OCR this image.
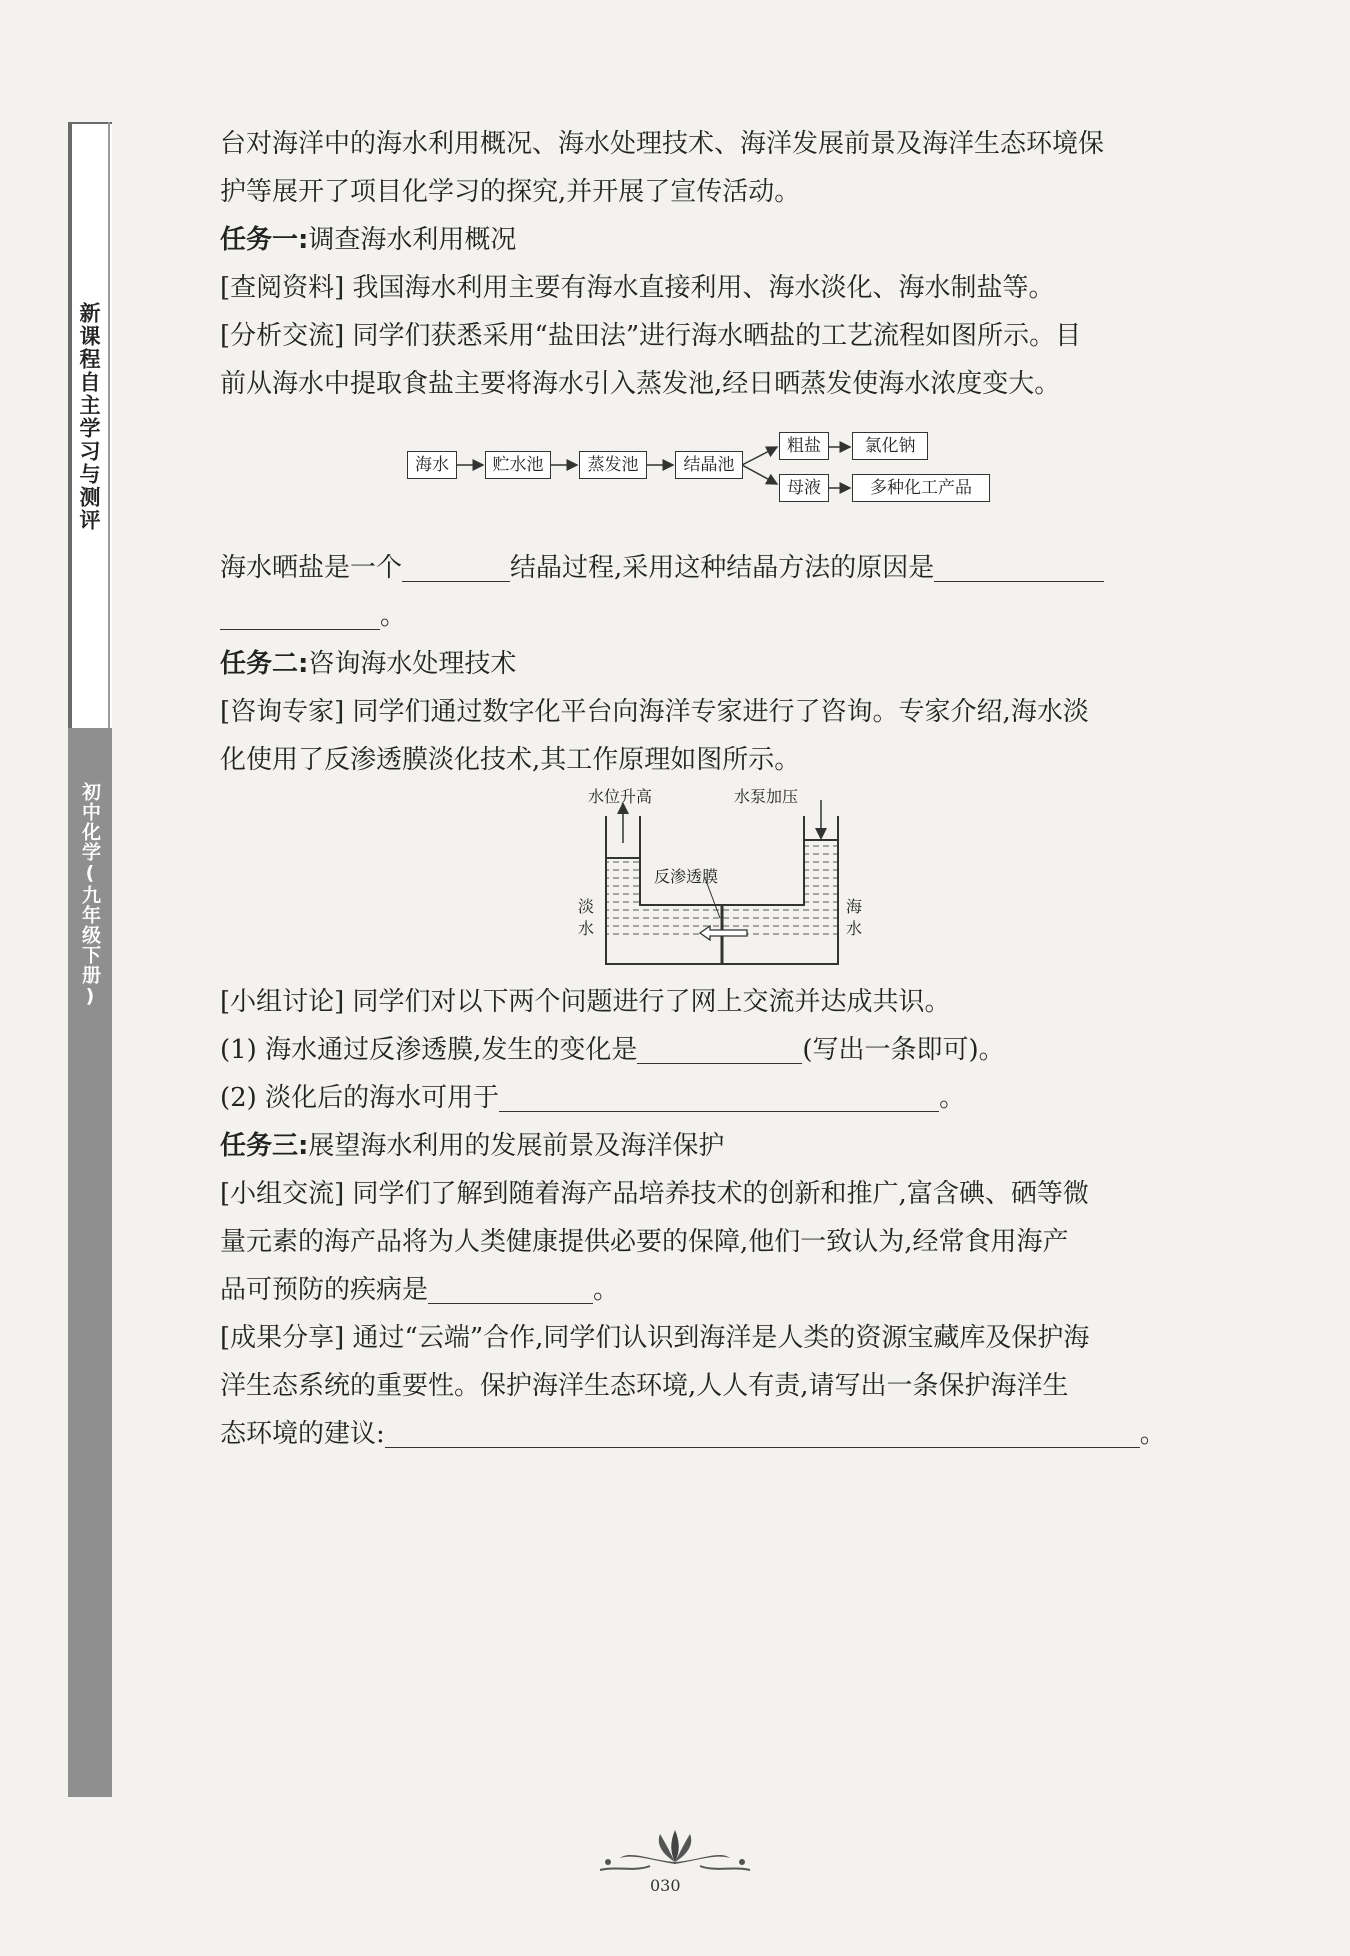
新课程自主学习与测评
初中化学(九年级下册)

台对海洋中的海水利用概况、海水处理技术、海洋发展前景及海洋生态环境保

护等展开了项目化学习的探究,并开展了宣传活动。

任务一:调查海水利用概况

[查阅资料] 我国海水利用主要有海水直接利用、海水淡化、海水制盐等。

[分析交流] 同学们获悉采用“盐田法”进行海水晒盐的工艺流程如图所示。目

前从海水中提取食盐主要将海水引入蒸发池,经日晒蒸发使海水浓度变大。

海水晒盐是一个	结晶过程,采用这种结晶方法的原因是

。

任务二:咨询海水处理技术

[咨询专家] 同学们通过数字化平台向海洋专家进行了咨询。专家介绍,海水淡

化使用了反渗透膜淡化技术,其工作原理如图所示。

[小组讨论] 同学们对以下两个问题进行了网上交流并达成共识。

(1) 海水通过反渗透膜,发生的变化是	(写出一条即可)。

(2) 淡化后的海水可用于	。

任务三:展望海水利用的发展前景及海洋保护

[小组交流] 同学们了解到随着海产品培养技术的创新和推广,富含碘、硒等微

量元素的海产品将为人类健康提供必要的保障,他们一致认为,经常食用海产

品可预防的疾病是	。

[成果分享] 通过“云端”合作,同学们认识到海洋是人类的资源宝藏库及保护海

洋生态系统的重要性。保护海洋生态环境,人人有责,请写出一条保护海洋生

态环境的建议:	。

海水	贮水池	蒸发池	结晶池
粗盐	氯化钠
母液	多种化工产品
水位升高	水泵加压
反渗透膜
淡水
海水
030
